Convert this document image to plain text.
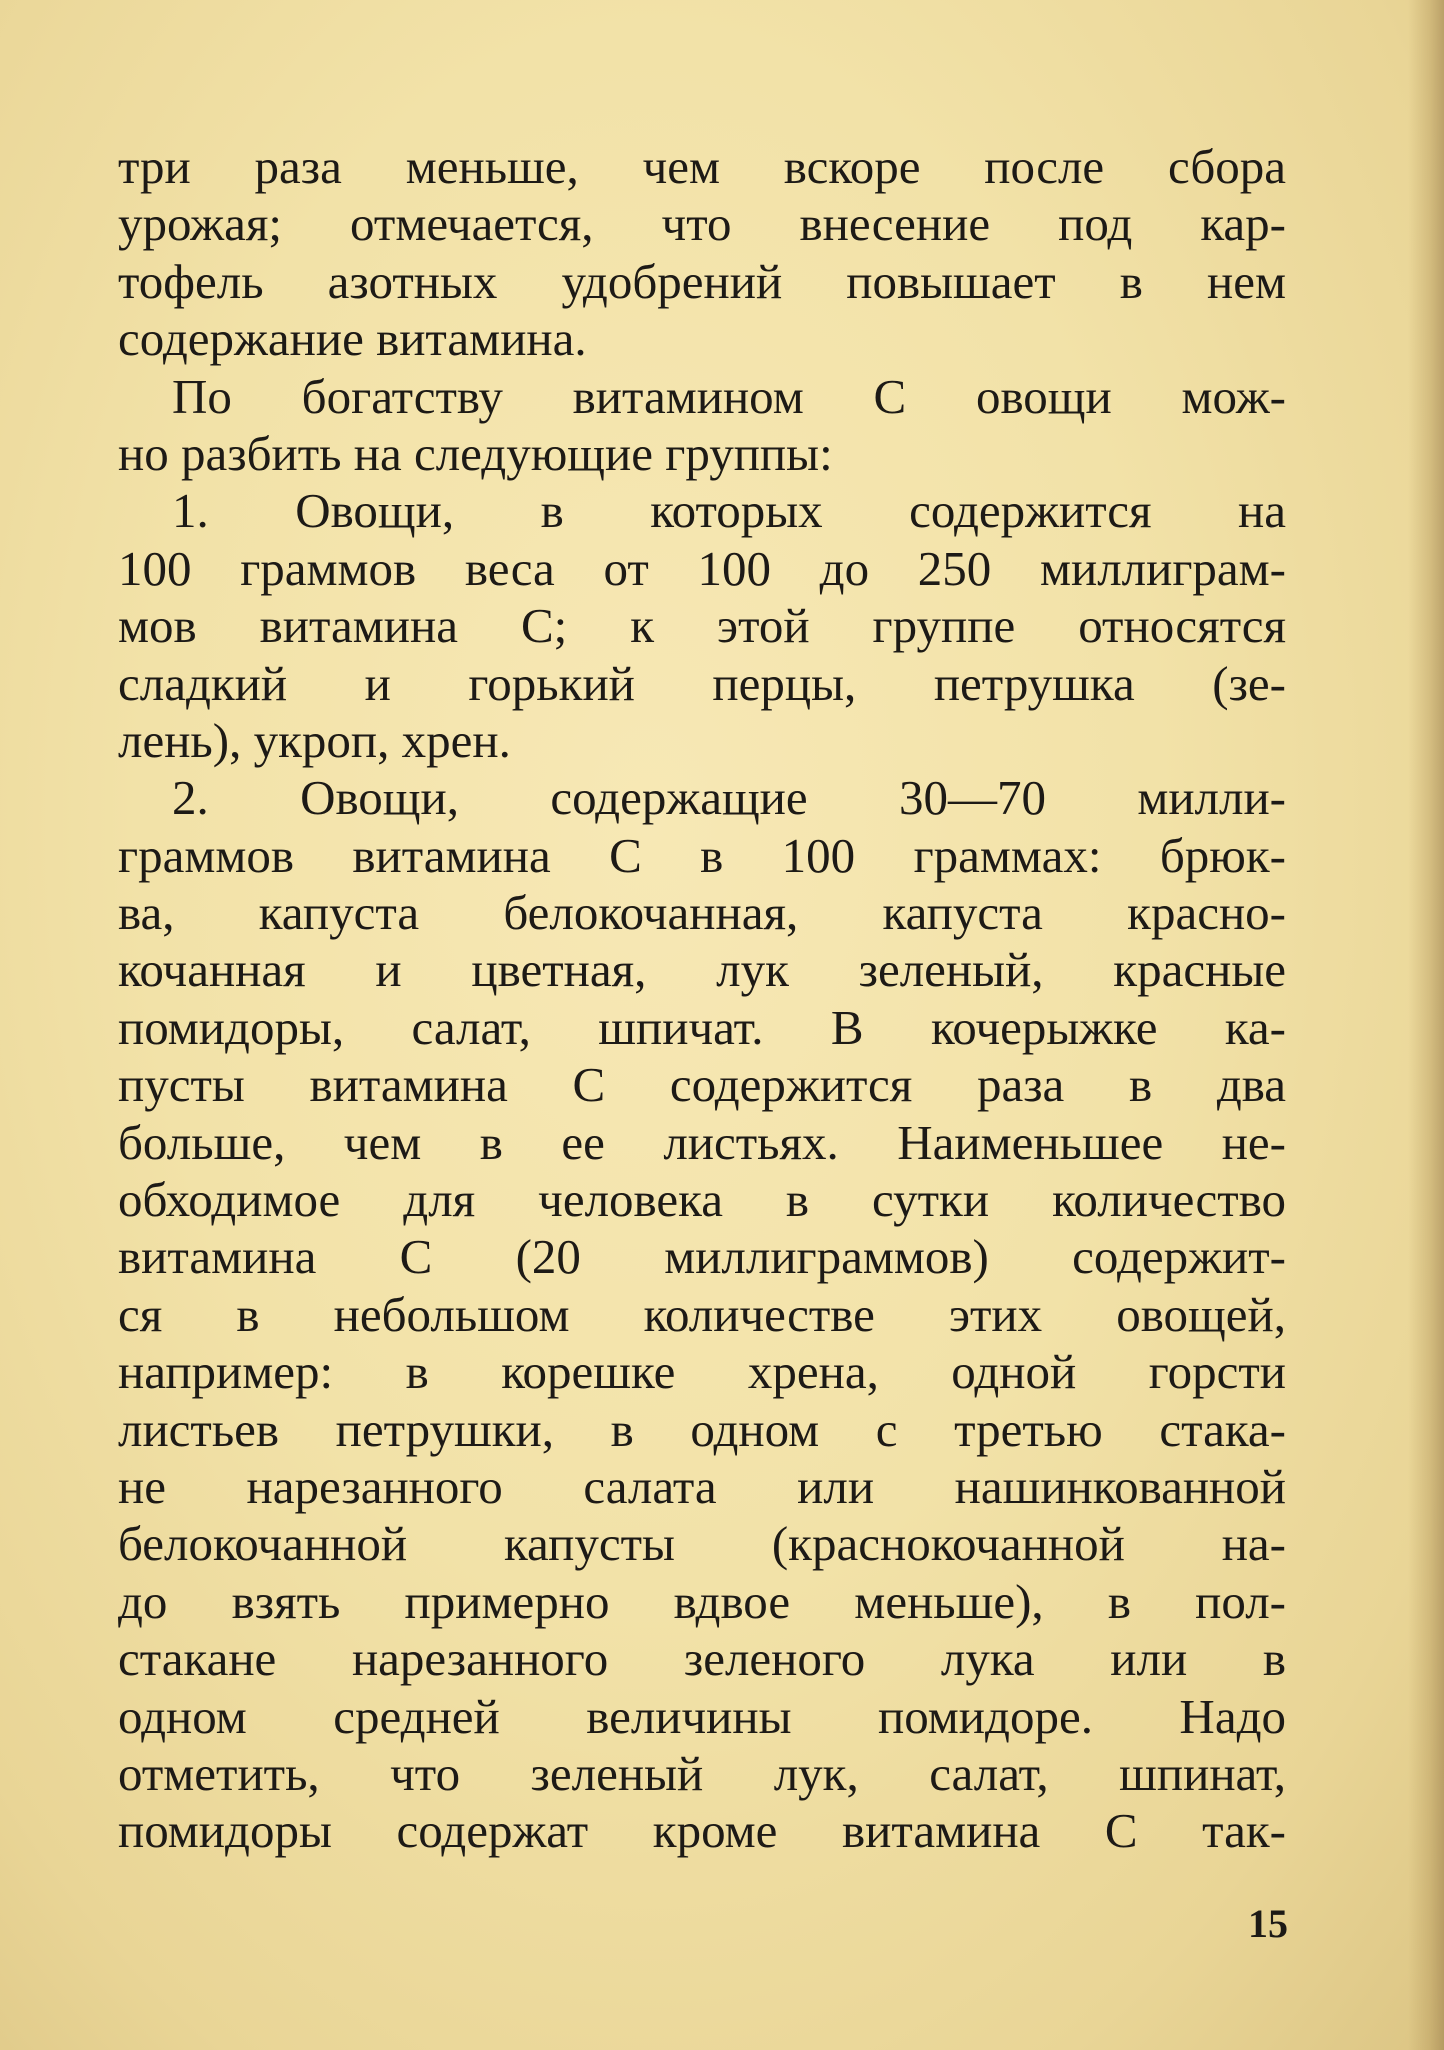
три раза меньше, чем вскоре после сбора
урожая; отмечается, что внесение под кар-
тофель азотных удобрений повышает в нем
содержание витамина.
По богатству витамином С овощи мож-
но разбить на следующие группы:
1. Овощи, в которых содержится на
100 граммов веса от 100 до 250 миллиграм-
мов витамина С; к этой группе относятся
сладкий и горький перцы, петрушка (зе-
лень), укроп, хрен.
2. Овощи, содержащие 30—70 милли-
граммов витамина С в 100 граммах: брюк-
ва, капуста белокочанная, капуста красно-
кочанная и цветная, лук зеленый, красные
помидоры, салат, шпичат. В кочерыжке ка-
пусты витамина С содержится раза в два
больше, чем в ее листьях. Наименьшее не-
обходимое для человека в сутки количество
витамина С (20 миллиграммов) содержит-
ся в небольшом количестве этих овощей,
например: в корешке хрена, одной горсти
листьев петрушки, в одном с третью стака-
не нарезанного салата или нашинкованной
белокочанной капусты (краснокочанной на-
до взять примерно вдвое меньше), в пол-
стакане нарезанного зеленого лука или в
одном средней величины помидоре. Надо
отметить, что зеленый лук, салат, шпинат,
помидоры содержат кроме витамина С так-
15
